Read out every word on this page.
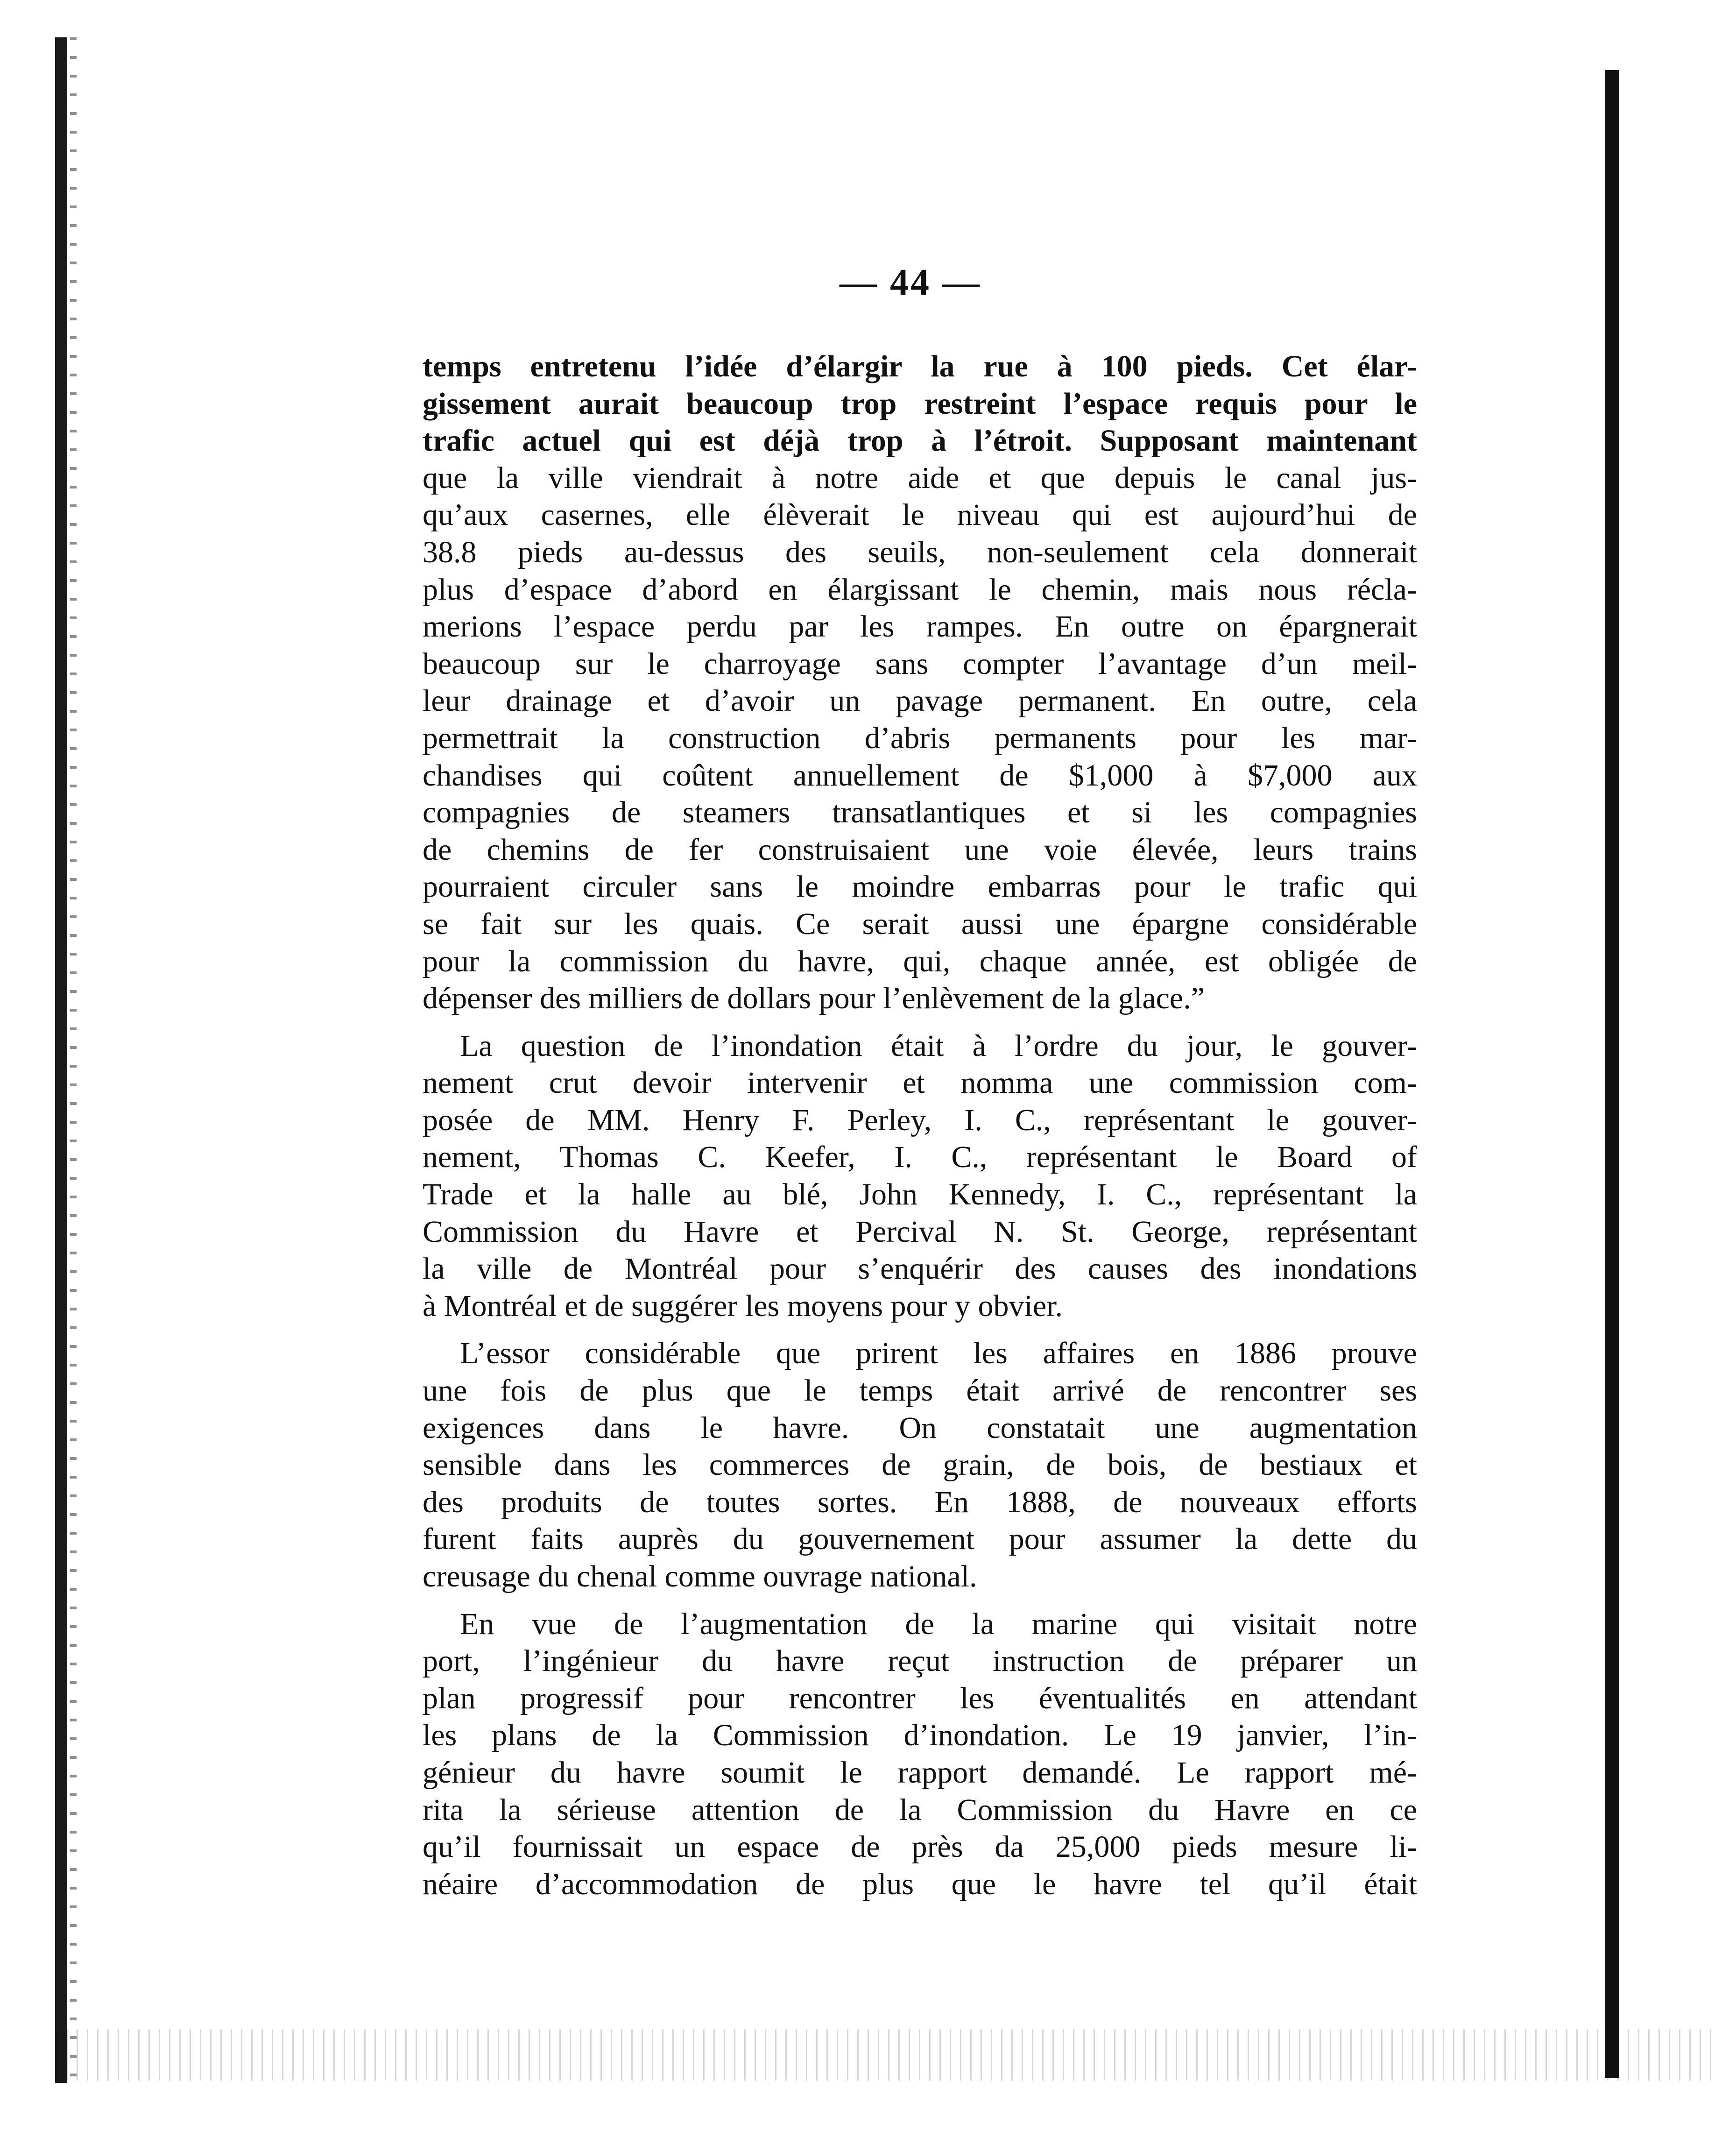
— 44 —
temps entretenu l’idée d’élargir la rue à 100 pieds. Cet élar-
gissement aurait beaucoup trop restreint l’espace requis pour le
trafic actuel qui est déjà trop à l’étroit. Supposant maintenant
que la ville viendrait à notre aide et que depuis le canal jus-
qu’aux casernes, elle élèverait le niveau qui est aujourd’hui de
38.8 pieds au-dessus des seuils, non-seulement cela donnerait
plus d’espace d’abord en élargissant le chemin, mais nous récla-
merions l’espace perdu par les rampes. En outre on épargnerait
beaucoup sur le charroyage sans compter l’avantage d’un meil-
leur drainage et d’avoir un pavage permanent. En outre, cela
permettrait la construction d’abris permanents pour les mar-
chandises qui coûtent annuellement de $1,000 à $7,000 aux
compagnies de steamers transatlantiques et si les compagnies
de chemins de fer construisaient une voie élevée, leurs trains
pourraient circuler sans le moindre embarras pour le trafic qui
se fait sur les quais. Ce serait aussi une épargne considérable
pour la commission du havre, qui, chaque année, est obligée de
dépenser des milliers de dollars pour l’enlèvement de la glace.”
La question de l’inondation était à l’ordre du jour, le gouver-
nement crut devoir intervenir et nomma une commission com-
posée de MM. Henry F. Perley, I. C., représentant le gouver-
nement, Thomas C. Keefer, I. C., représentant le Board of
Trade et la halle au blé, John Kennedy, I. C., représentant la
Commission du Havre et Percival N. St. George, représentant
la ville de Montréal pour s’enquérir des causes des inondations
à Montréal et de suggérer les moyens pour y obvier.
L’essor considérable que prirent les affaires en 1886 prouve
une fois de plus que le temps était arrivé de rencontrer ses
exigences dans le havre. On constatait une augmentation
sensible dans les commerces de grain, de bois, de bestiaux et
des produits de toutes sortes. En 1888, de nouveaux efforts
furent faits auprès du gouvernement pour assumer la dette du
creusage du chenal comme ouvrage national.
En vue de l’augmentation de la marine qui visitait notre
port, l’ingénieur du havre reçut instruction de préparer un
plan progressif pour rencontrer les éventualités en attendant
les plans de la Commission d’inondation. Le 19 janvier, l’in-
génieur du havre soumit le rapport demandé. Le rapport mé-
rita la sérieuse attention de la Commission du Havre en ce
qu’il fournissait un espace de près da 25,000 pieds mesure li-
néaire d’accommodation de plus que le havre tel qu’il était
